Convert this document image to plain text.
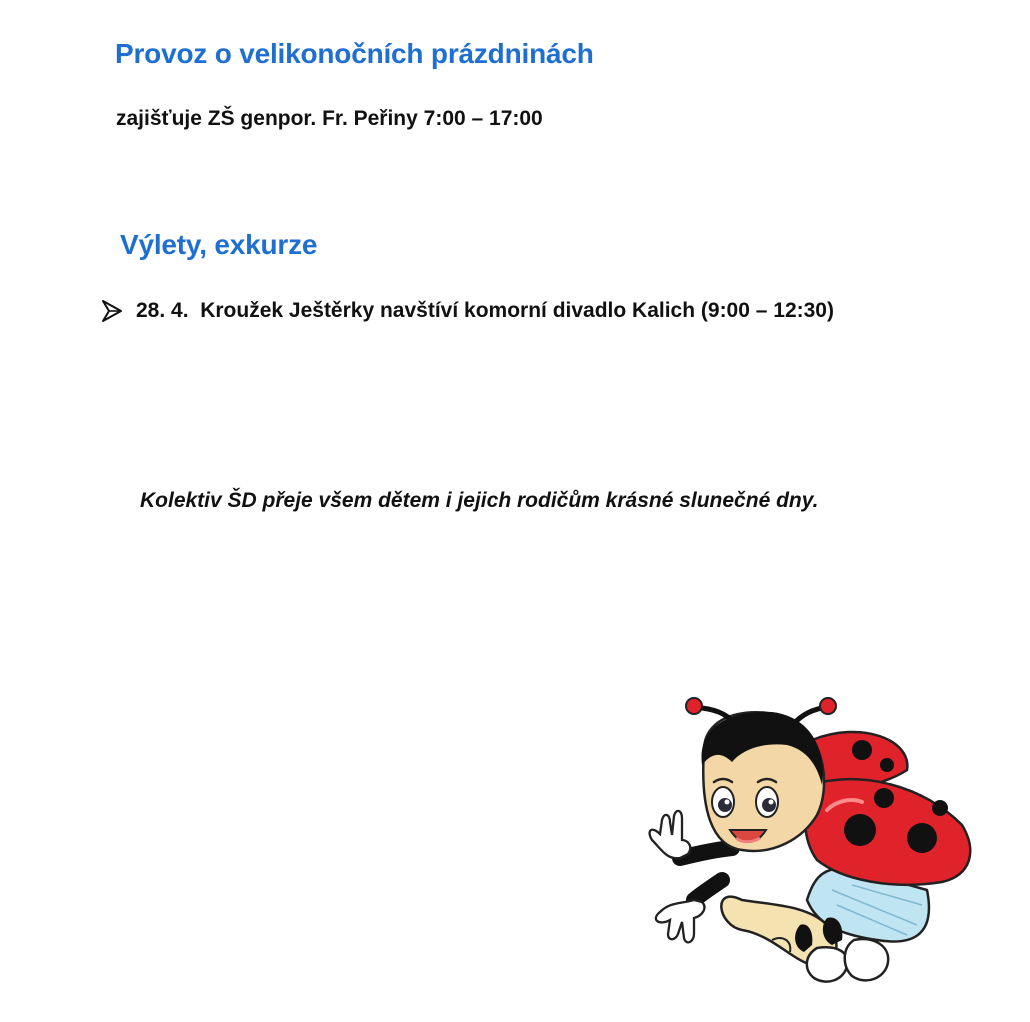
Provoz o velikonočních prázdninách

zajišťuje ZŠ genpor. Fr. Peřiny 7:00 – 17:00

Výlety, exkurze
28. 4. Kroužek Ještěrky navštíví komorní divadlo Kalich (9:00 – 12:30)

Kolektiv ŠD přeje všem dětem i jejich rodičům krásné slunečné dny.
